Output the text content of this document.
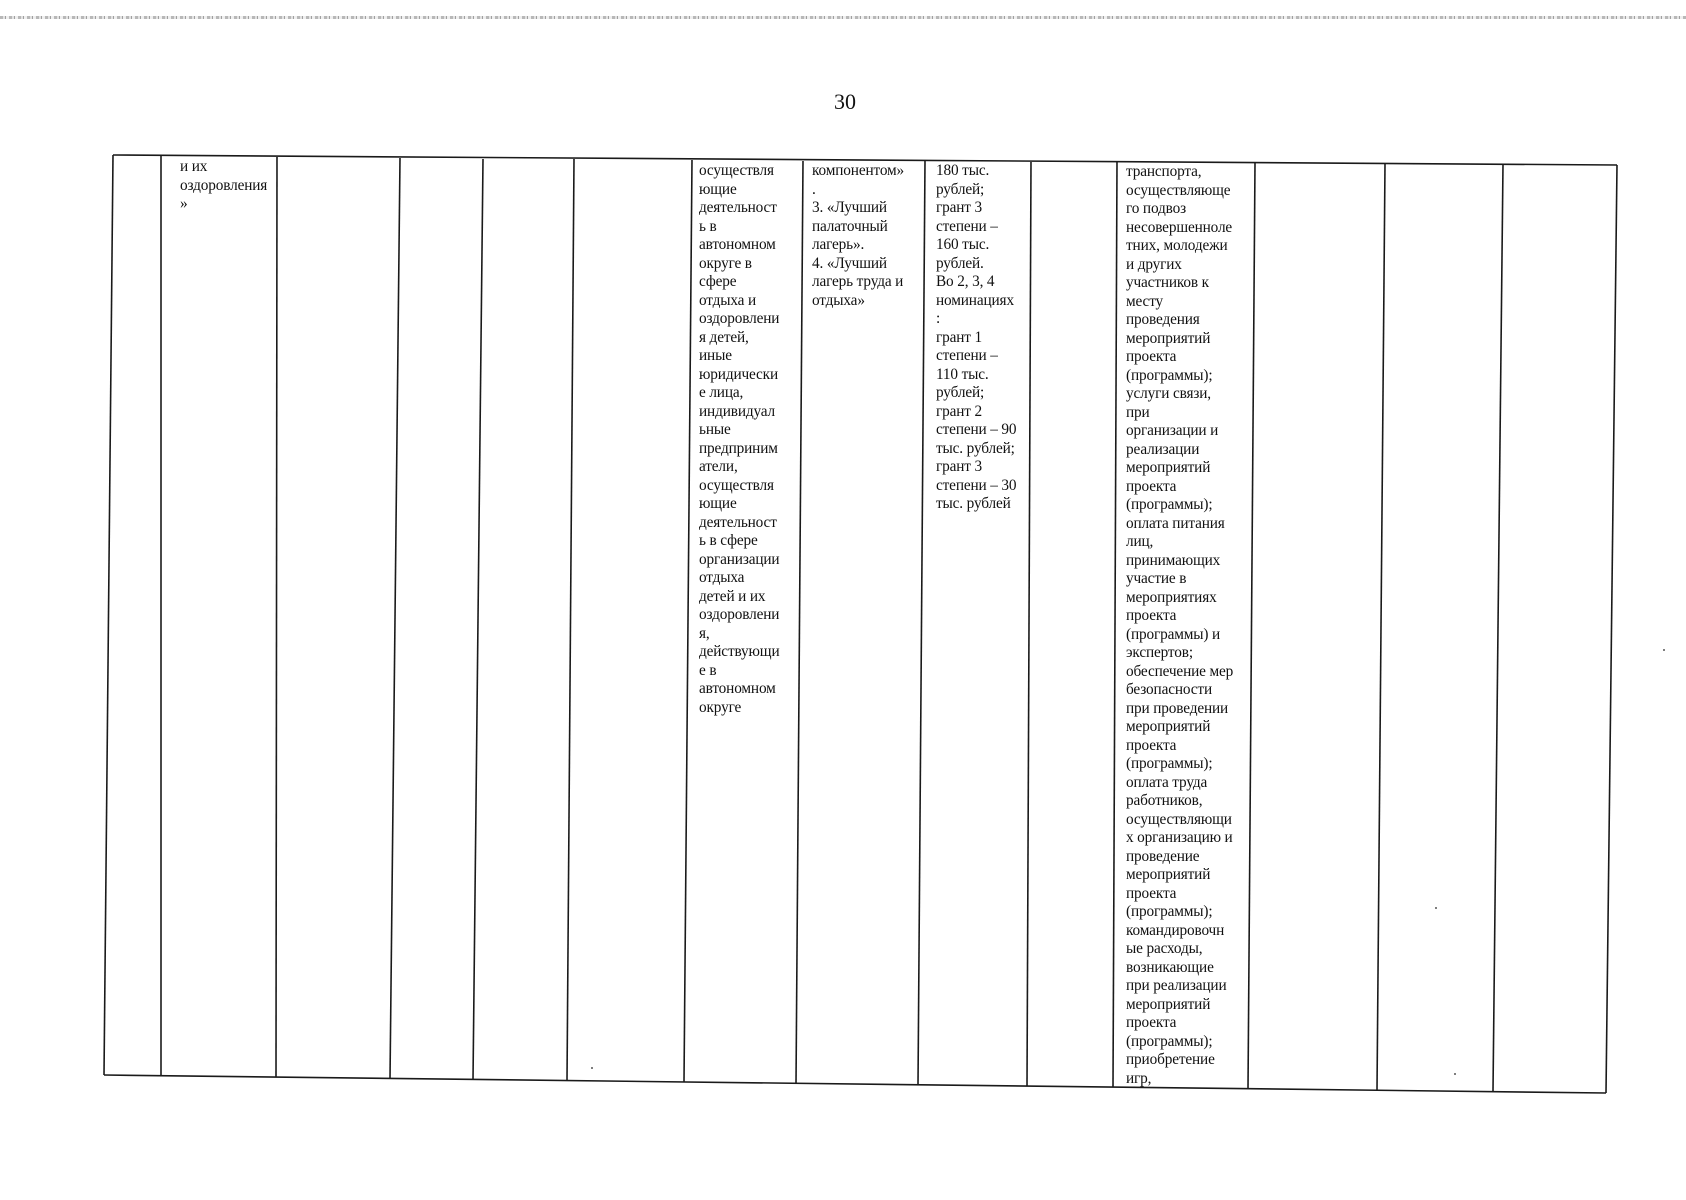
30
и их
оздоровления
»
осуществля
ющие
деятельност
ь в
автономном
округе в
сфере
отдыха и
оздоровлени
я детей,
иные
юридически
е лица,
индивидуал
ьные
предприним
атели,
осуществля
ющие
деятельност
ь в сфере
организации
отдыха
детей и их
оздоровлени
я,
действующи
е в
автономном
округе
компонентом»
.
3. «Лучший
палаточный
лагерь».
4. «Лучший
лагерь труда и
отдыха»
180 тыс.
рублей;
грант 3
степени –
160 тыс.
рублей.
Во 2, 3, 4
номинациях
:
грант 1
степени –
110 тыс.
рублей;
грант 2
степени – 90
тыс. рублей;
грант 3
степени – 30
тыс. рублей
транспорта,
осуществляюще
го подвоз
несовершенноле
тних, молодежи
и других
участников к
месту
проведения
мероприятий
проекта
(программы);
услуги связи,
при
организации и
реализации
мероприятий
проекта
(программы);
оплата питания
лиц,
принимающих
участие в
мероприятиях
проекта
(программы) и
экспертов;
обеспечение мер
безопасности
при проведении
мероприятий
проекта
(программы);
оплата труда
работников,
осуществляющи
х организацию и
проведение
мероприятий
проекта
(программы);
командировочн
ые расходы,
возникающие
при реализации
мероприятий
проекта
(программы);
приобретение
игр,
